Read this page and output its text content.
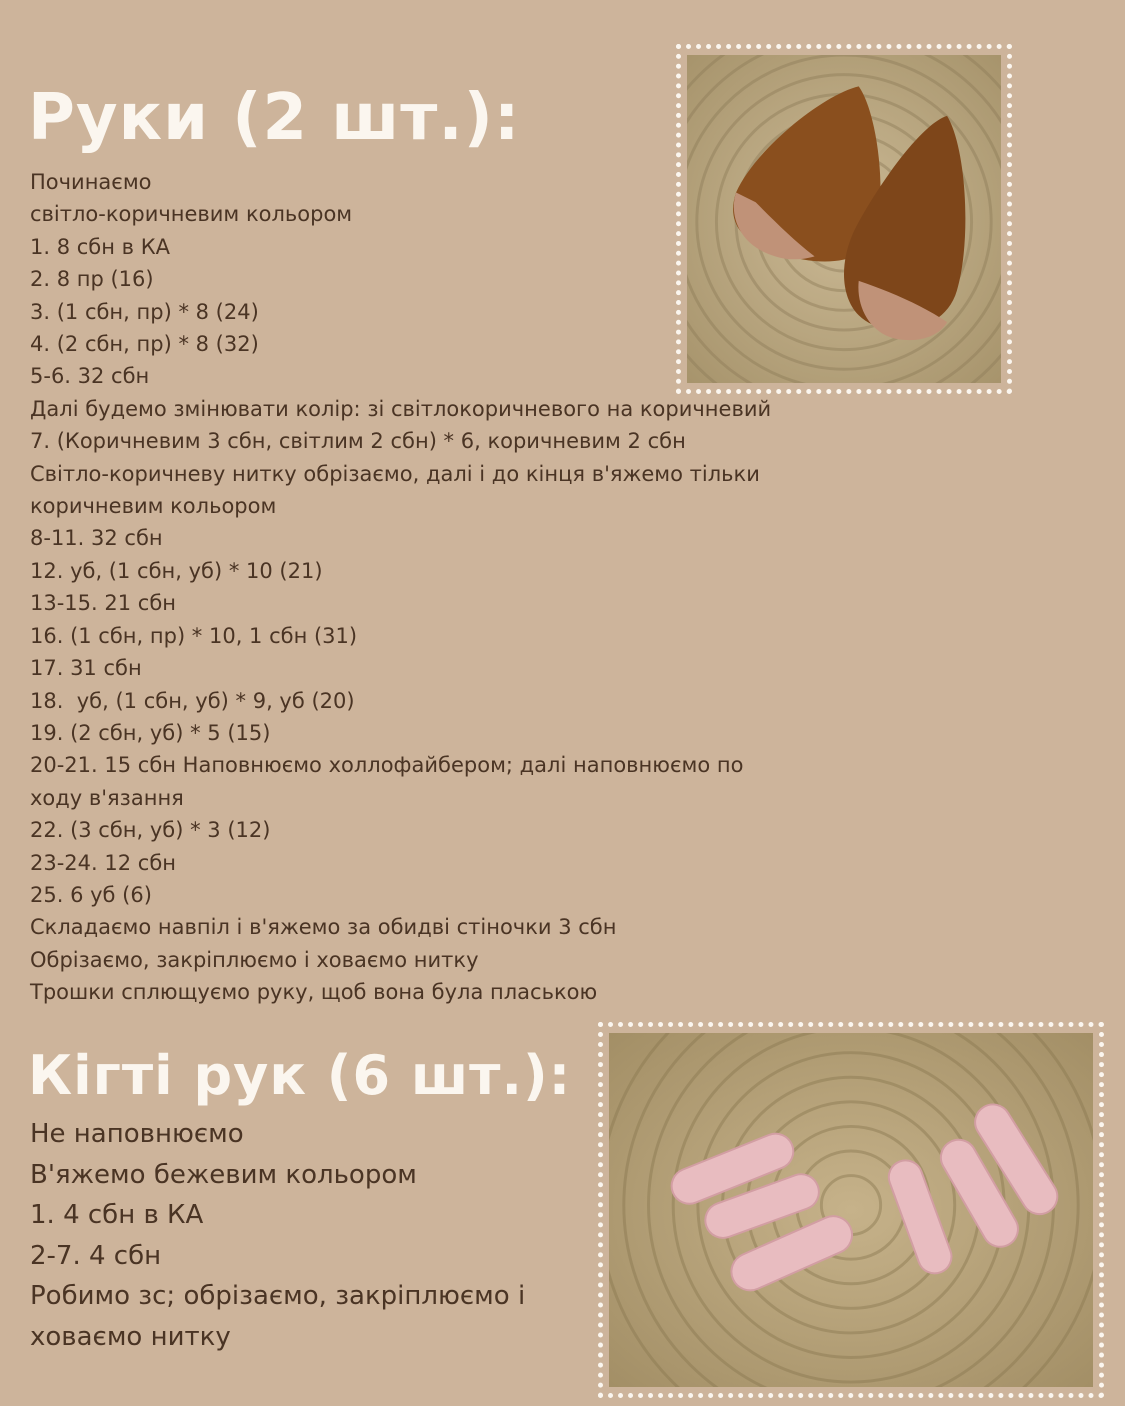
Руки (2 шт.):
Починаємо
світло-коричневим кольором
1. 8 сбн в КА
2. 8 пр (16)
3. (1 сбн, пр) * 8 (24)
4. (2 сбн, пр) * 8 (32)
5-6. 32 сбн
Далі будемо змінювати колір: зі світлокоричневого на коричневий
7. (Коричневим 3 сбн, світлим 2 сбн) * 6, коричневим 2 сбн
Світло-коричневу нитку обрізаємо, далі і до кінця в'яжемо тільки
коричневим кольором
8-11. 32 сбн
12. уб, (1 сбн, уб) * 10 (21)
13-15. 21 сбн
16. (1 сбн, пр) * 10, 1 сбн (31)
17. 31 сбн
18.  уб, (1 сбн, уб) * 9, уб (20)
19. (2 сбн, уб) * 5 (15)
20-21. 15 сбн Наповнюємо холлофайбером; далі наповнюємо по
ходу в'язання
22. (3 сбн, уб) * 3 (12)
23-24. 12 сбн
25. 6 уб (6)
Складаємо навпіл і в'яжемо за обидві стіночки 3 сбн
Обрізаємо, закріплюємо і ховаємо нитку
Трошки сплющуємо руку, щоб вона була плаською
Кігті рук (6 шт.):
Не наповнюємо
В'яжемо бежевим кольором
1. 4 сбн в КА
2-7. 4 сбн
Робимо зс; обрізаємо, закріплюємо і
ховаємо нитку
